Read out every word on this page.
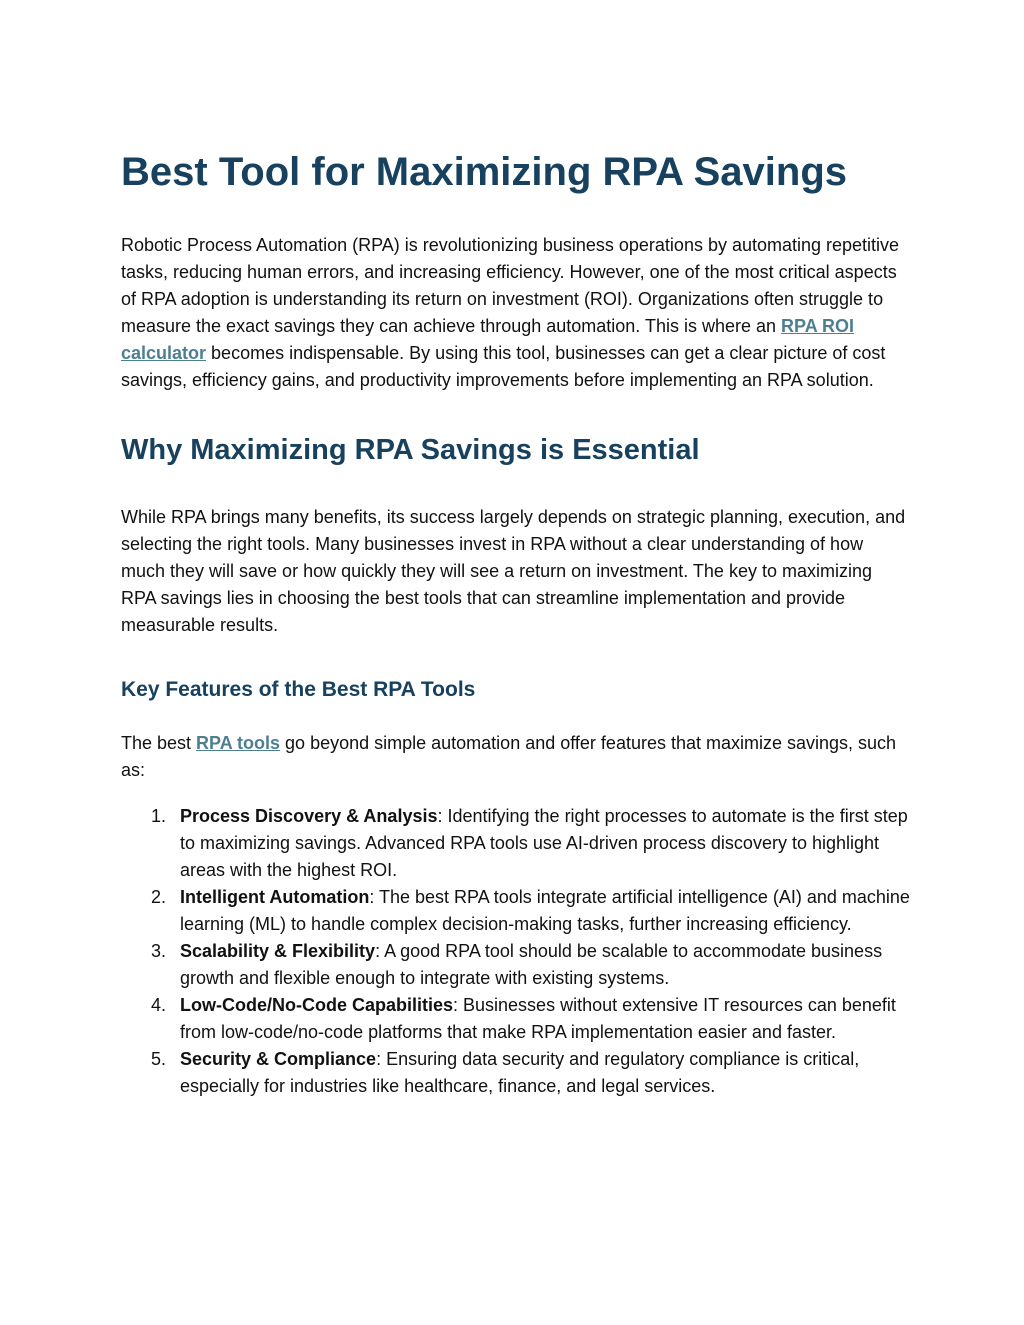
Best Tool for Maximizing RPA Savings

Robotic Process Automation (RPA) is revolutionizing business operations by automating repetitive tasks, reducing human errors, and increasing efficiency. However, one of the most critical aspects of RPA adoption is understanding its return on investment (ROI). Organizations often struggle to measure the exact savings they can achieve through automation. This is where an RPA ROI calculator becomes indispensable. By using this tool, businesses can get a clear picture of cost savings, efficiency gains, and productivity improvements before implementing an RPA solution.

Why Maximizing RPA Savings is Essential

While RPA brings many benefits, its success largely depends on strategic planning, execution, and selecting the right tools. Many businesses invest in RPA without a clear understanding of how much they will save or how quickly they will see a return on investment. The key to maximizing RPA savings lies in choosing the best tools that can streamline implementation and provide measurable results.

Key Features of the Best RPA Tools

The best RPA tools go beyond simple automation and offer features that maximize savings, such as:

1. Process Discovery & Analysis: Identifying the right processes to automate is the first step to maximizing savings. Advanced RPA tools use AI-driven process discovery to highlight areas with the highest ROI.
2. Intelligent Automation: The best RPA tools integrate artificial intelligence (AI) and machine learning (ML) to handle complex decision-making tasks, further increasing efficiency.
3. Scalability & Flexibility: A good RPA tool should be scalable to accommodate business growth and flexible enough to integrate with existing systems.
4. Low-Code/No-Code Capabilities: Businesses without extensive IT resources can benefit from low-code/no-code platforms that make RPA implementation easier and faster.
5. Security & Compliance: Ensuring data security and regulatory compliance is critical, especially for industries like healthcare, finance, and legal services.
